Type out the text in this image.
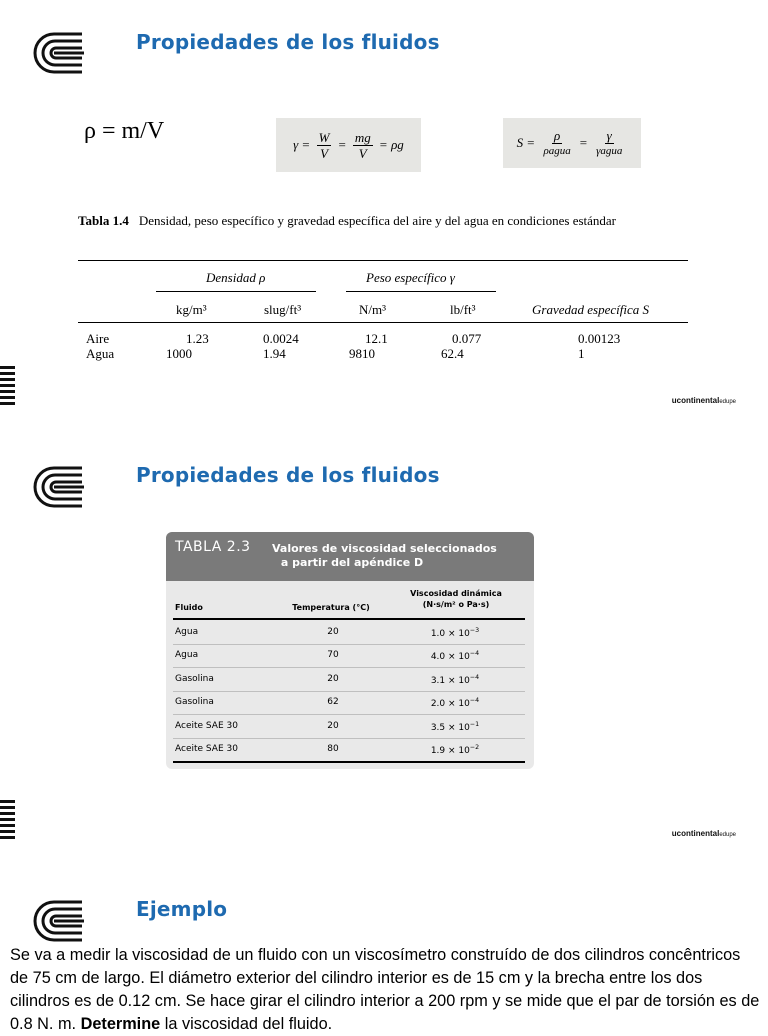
Propiedades de los fluidos
ρ = m/V
$\gamma = \frac{W}{V} = \frac{mg}{V} = \rho g$	$S = \frac{\rho}{\text{ρagua}} = \frac{\gamma}{\text{γagua}}$
Tabla 1.4 Densidad, peso específico y gravedad específica del aire y del agua en condiciones estándar
Densidad ρ	Peso específico γ
kg/m³	slug/ft³	N/m³	lb/ft³	Gravedad específica S
Aire	1.23	0.0024	12.1	0.077	0.00123
Agua	1000	1.94	9810	62.4	1
ucontinentaledupe
Propiedades de los fluidos
ucontinentaledupe
TABLA 2.3 Valores de viscosidad seleccionados
a partir del apéndice D
Fluido	Temperatura (°C)
Viscosidad dinámica
(N·s/m² o Pa·s)
Agua	20	$1.0 \times 10^{-3}$
Agua	70	$4.0 \times 10^{-4}$
Gasolina	20	$3.1 \times 10^{-4}$
Gasolina	62	$2.0 \times 10^{-4}$
Aceite SAE 30	20	$3.5 \times 10^{-1}$
Aceite SAE 30	80	$1.9 \times 10^{-2}$
Ejemplo
Se va a medir la viscosidad de un fluido con un viscosímetro construído de dos cilindros concêntricos de 75 cm de largo. El diámetro exterior del cilindro interior es de 15 cm y la brecha entre los dos cilindros es de 0.12 cm. Se hace girar el cilindro interior a 200 rpm y se mide que el par de torsión es de 0.8 N. m. Determine la viscosidad del fluido.
